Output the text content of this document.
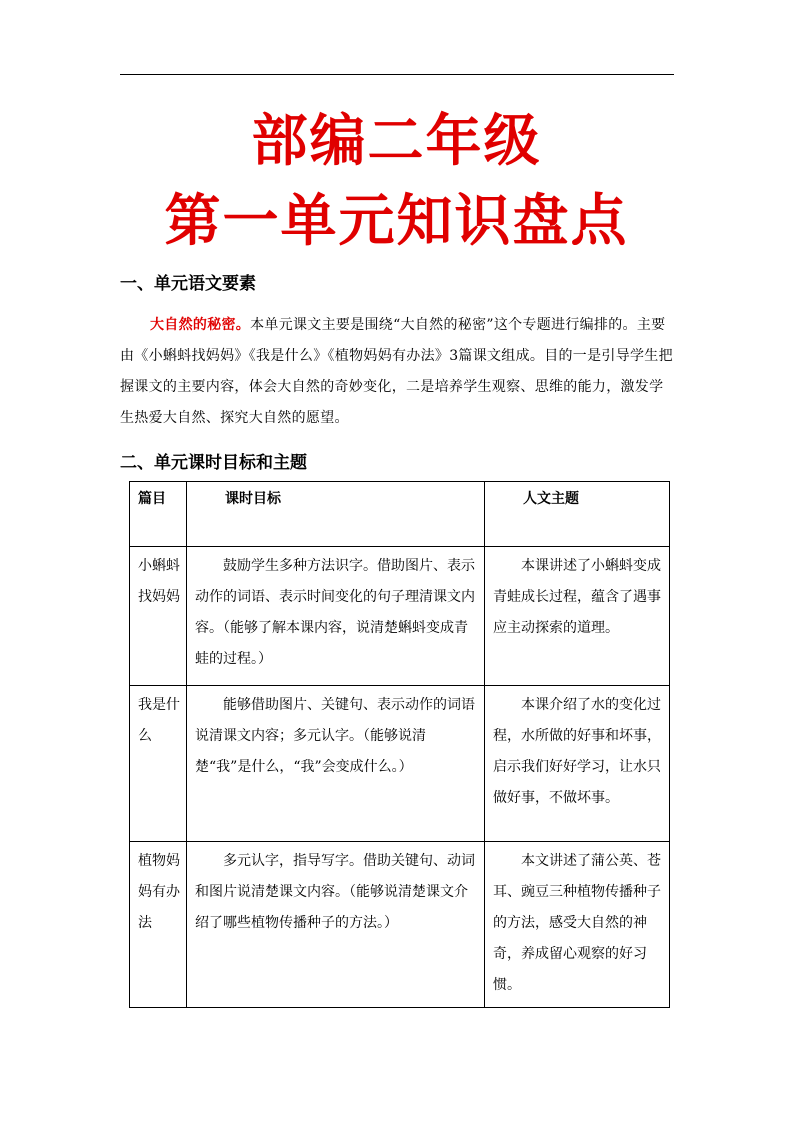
部编二年级
第一单元知识盘点
一、单元语文要素

大自然的秘密。本单元课文主要是围绕“大自然的秘密”这个专题进行编排的。主要由《小蝌蚪找妈妈》《我是什么》《植物妈妈有办法》3篇课文组成。目的一是引导学生把握课文的主要内容，体会大自然的奇妙变化，二是培养学生观察、思维的能力，激发学生热爱大自然、探究大自然的愿望。

二、单元课时目标和主题
篇目	课时目标	人文主题
小蝌蚪找妈妈	鼓励学生多种方法识字。借助图片、表示动作的词语、表示时间变化的句子理清课文内容。（能够了解本课内容，说清楚蝌蚪变成青蛙的过程。）	本课讲述了小蝌蚪变成青蛙成长过程，蕴含了遇事应主动探索的道理。
我是什么	能够借助图片、关键句、表示动作的词语说清课文内容；多元认字。（能够说清楚“我”是什么，“我”会变成什么。）	本课介绍了水的变化过程，水所做的好事和坏事，启示我们好好学习，让水只做好事，不做坏事。
植物妈妈有办法	多元认字，指导写字。借助关键句、动词和图片说清楚课文内容。（能够说清楚课文介绍了哪些植物传播种子的方法。）	本文讲述了蒲公英、苍耳、豌豆三种植物传播种子的方法，感受大自然的神奇，养成留心观察的好习惯。
